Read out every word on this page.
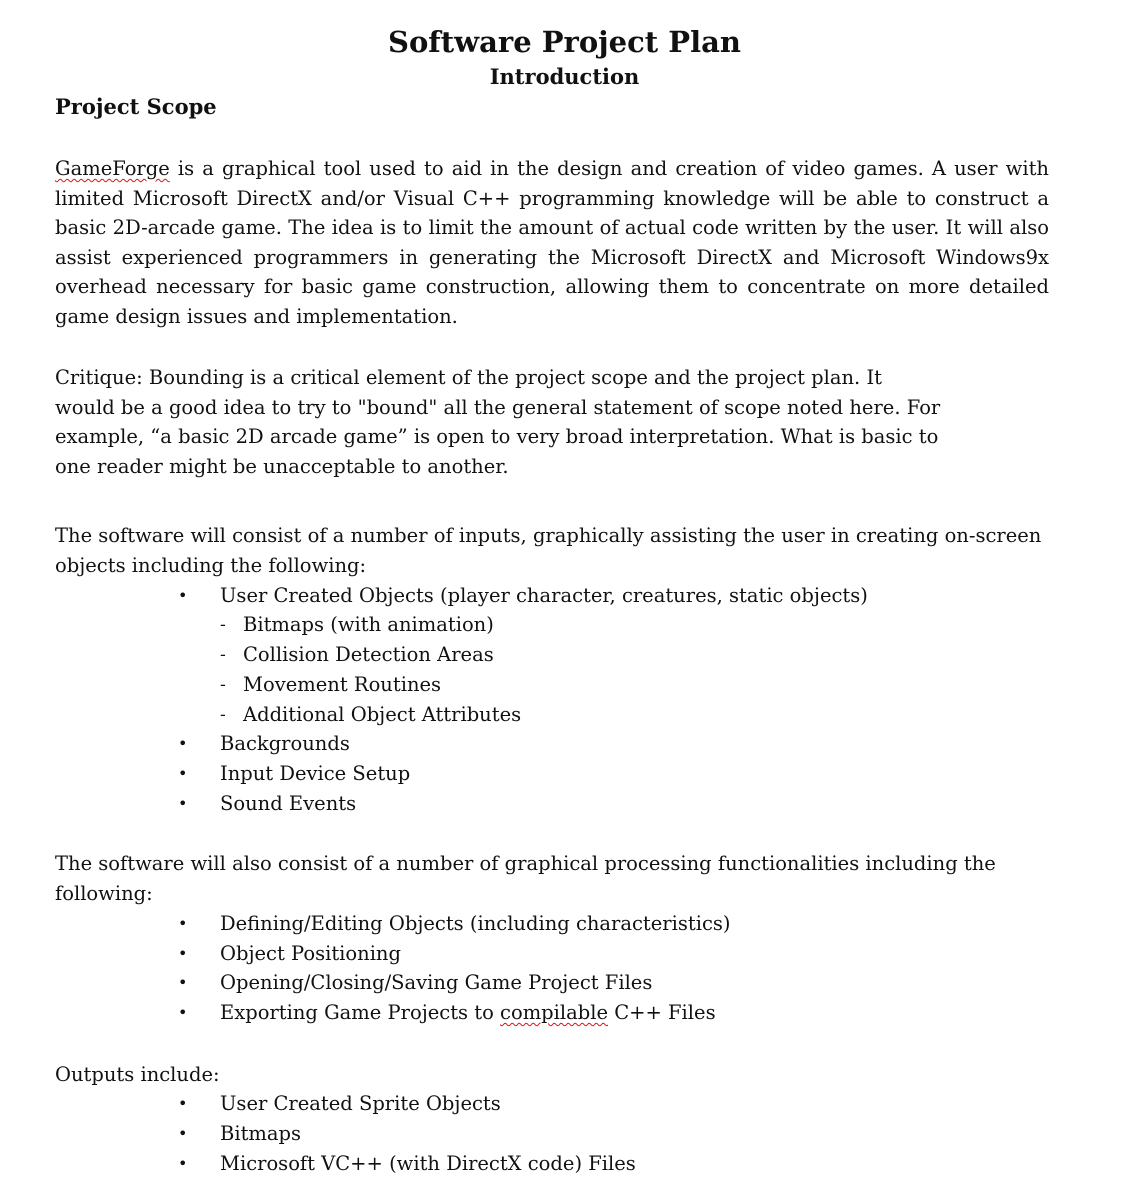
Software Project Plan
Introduction
Project Scope

GameForge is a graphical tool used to aid in the design and creation of video games. A user with limited Microsoft DirectX and/or Visual C++ programming knowledge will be able to construct a basic 2D-arcade game. The idea is to limit the amount of actual code written by the user. It will also assist experienced programmers in generating the Microsoft DirectX and Microsoft Windows9x overhead necessary for basic game construction, allowing them to concentrate on more detailed game design issues and implementation.

Critique: Bounding is a critical element of the project scope and the project plan. It
would be a good idea to try to "bound" all the general statement of scope noted here. For
example, “a basic 2D arcade game” is open to very broad interpretation. What is basic to
one reader might be unacceptable to another.

The software will consist of a number of inputs, graphically assisting the user in creating on-screen objects including the following:

• User Created Objects (player character, creatures, static objects)
- Bitmaps (with animation)
- Collision Detection Areas
- Movement Routines
- Additional Object Attributes
• Backgrounds
• Input Device Setup
• Sound Events

The software will also consist of a number of graphical processing functionalities including the following:

• Defining/Editing Objects (including characteristics)
• Object Positioning
• Opening/Closing/Saving Game Project Files
• Exporting Game Projects to compilable C++ Files
Outputs include:
• User Created Sprite Objects
• Bitmaps
• Microsoft VC++ (with DirectX code) Files
